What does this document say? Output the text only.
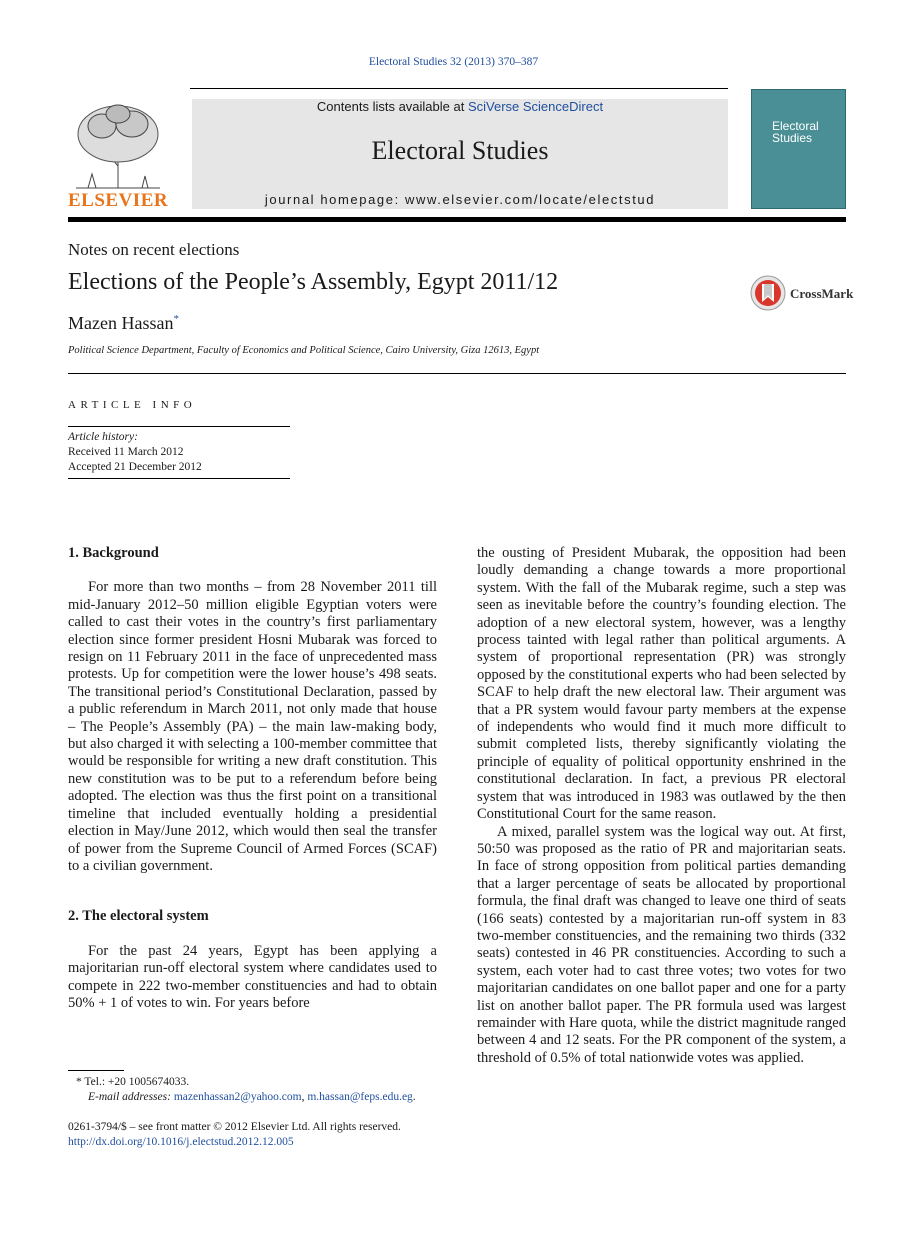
Electoral Studies 32 (2013) 370–387
ELSEVIER
Contents lists available at SciVerse ScienceDirect
Electoral Studies
journal homepage: www.elsevier.com/locate/electstud
Electoral Studies
Notes on recent elections
Elections of the People’s Assembly, Egypt 2011/12	CrossMark
Mazen Hassan*
Political Science Department, Faculty of Economics and Political Science, Cairo University, Giza 12613, Egypt
ARTICLE INFO
Article history:
Received 11 March 2012
Accepted 21 December 2012
1. Background

For more than two months – from 28 November 2011 till mid-January 2012–50 million eligible Egyptian voters were called to cast their votes in the country’s first parliamentary election since former president Hosni Mubarak was forced to resign on 11 February 2011 in the face of unprecedented mass protests. Up for competition were the lower house’s 498 seats. The transitional period’s Constitutional Declaration, passed by a public referendum in March 2011, not only made that house – The People’s Assembly (PA) – the main law-making body, but also charged it with selecting a 100-member committee that would be responsible for writing a new draft constitution. This new constitution was to be put to a referendum before being adopted. The election was thus the first point on a transitional timeline that included eventually holding a presidential election in May/June 2012, which would then seal the transfer of power from the Supreme Council of Armed Forces (SCAF) to a civilian government.

2. The electoral system

For the past 24 years, Egypt has been applying a majoritarian run-off electoral system where candidates used to compete in 222 two-member constituencies and had to obtain 50% + 1 of votes to win. For years before

the ousting of President Mubarak, the opposition had been loudly demanding a change towards a more proportional system. With the fall of the Mubarak regime, such a step was seen as inevitable before the country’s founding election. The adoption of a new electoral system, however, was a lengthy process tainted with legal rather than political arguments. A system of proportional representation (PR) was strongly opposed by the constitutional experts who had been selected by SCAF to help draft the new electoral law. Their argument was that a PR system would favour party members at the expense of independents who would find it much more difficult to submit completed lists, thereby significantly violating the principle of equality of political opportunity enshrined in the constitutional declaration. In fact, a previous PR electoral system that was introduced in 1983 was outlawed by the then Constitutional Court for the same reason.

A mixed, parallel system was the logical way out. At first, 50:50 was proposed as the ratio of PR and majoritarian seats. In face of strong opposition from political parties demanding that a larger percentage of seats be allocated by proportional formula, the final draft was changed to leave one third of seats (166 seats) contested by a majoritarian run-off system in 83 two-member constituencies, and the remaining two thirds (332 seats) contested in 46 PR constituencies. According to such a system, each voter had to cast three votes; two votes for two majoritarian candidates on one ballot paper and one for a party list on another ballot paper. The PR formula used was largest remainder with Hare quota, while the district magnitude ranged between 4 and 12 seats. For the PR component of the system, a threshold of 0.5% of total nationwide votes was applied.

* Tel.: +20 1005674033.
E-mail addresses: mazenhassan2@yahoo.com, m.hassan@feps.edu.eg.
0261-3794/$ – see front matter © 2012 Elsevier Ltd. All rights reserved.
http://dx.doi.org/10.1016/j.electstud.2012.12.005
